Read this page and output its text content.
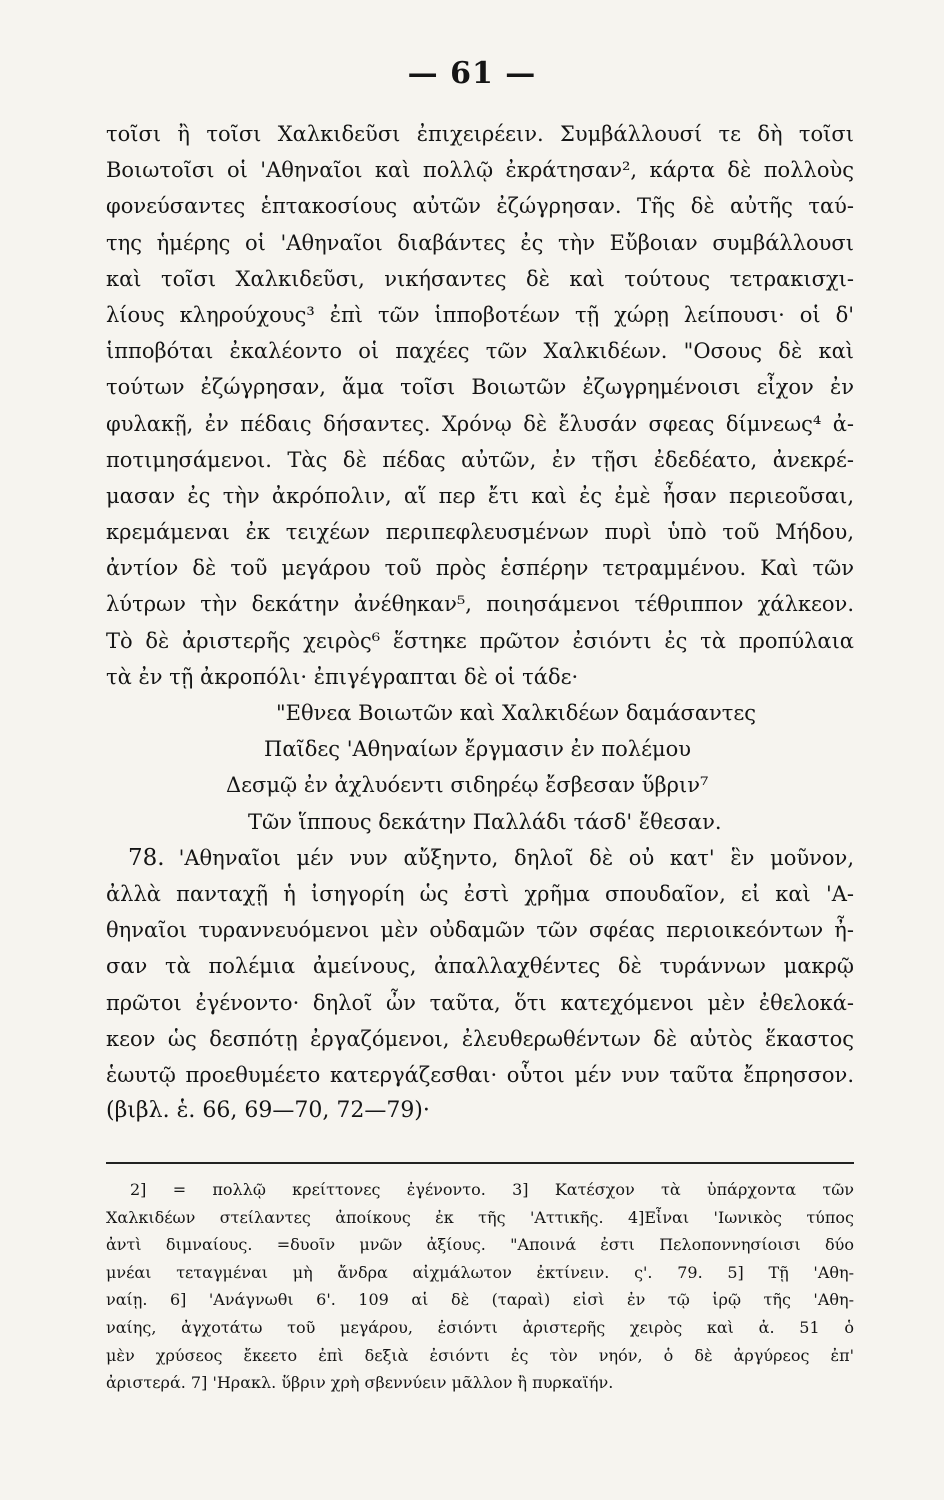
— 61 —
τοῖσι ἢ τοῖσι Χαλκιδεῦσι ἐπιχειρέειν. Συμβάλλουσί τε δὴ τοῖσι
Βοιωτοῖσι οἱ 'Αθηναῖοι καὶ πολλῷ ἐκράτησαν², κάρτα δὲ πολλοὺς
φονεύσαντες ἑπτακοσίους αὐτῶν ἐζώγρησαν. Τῆς δὲ αὐτῆς ταύ-
της ἡμέρης οἱ 'Αθηναῖοι διαβάντες ἐς τὴν Εὔβοιαν συμβάλλουσι
καὶ τοῖσι Χαλκιδεῦσι, νικήσαντες δὲ καὶ τούτους τετρακισχι-
λίους κληρούχους³ ἐπὶ τῶν ἱπποβοτέων τῇ χώρῃ λείπουσι· οἱ δ'
ἱπποβόται ἐκαλέοντο οἱ παχέες τῶν Χαλκιδέων. "Οσους δὲ καὶ
τούτων ἐζώγρησαν, ἅμα τοῖσι Βοιωτῶν ἐζωγρημένοισι εἶχον ἐν
φυλακῇ, ἐν πέδαις δήσαντες. Χρόνῳ δὲ ἔλυσάν σφεας δίμνεως⁴ ἀ-
ποτιμησάμενοι. Τὰς δὲ πέδας αὐτῶν, ἐν τῇσι ἐδεδέατο, ἀνεκρέ-
μασαν ἐς τὴν ἀκρόπολιν, αἵ περ ἔτι καὶ ἐς ἐμὲ ἦσαν περιεοῦσαι,
κρεμάμεναι ἐκ τειχέων περιπεφλευσμένων πυρὶ ὑπὸ τοῦ Μήδου,
ἀντίον δὲ τοῦ μεγάρου τοῦ πρὸς ἑσπέρην τετραμμένου. Καὶ τῶν
λύτρων τὴν δεκάτην ἀνέθηκαν⁵, ποιησάμενοι τέθριππον χάλκεον.
Τὸ δὲ ἀριστερῆς χειρὸς⁶ ἕστηκε πρῶτον ἐσιόντι ἐς τὰ προπύλαια
τὰ ἐν τῇ ἀκροπόλι· ἐπιγέγραπται δὲ οἱ τάδε·
"Εθνεα Βοιωτῶν καὶ Χαλκιδέων δαμάσαντες
Παῖδες 'Αθηναίων ἔργμασιν ἐν πολέμου
Δεσμῷ ἐν ἀχλυόεντι σιδηρέῳ ἔσβεσαν ὕβριν⁷
Τῶν ἵππους δεκάτην Παλλάδι τάσδ' ἔθεσαν.
78. 'Αθηναῖοι μέν νυν αὔξηντο, δηλοῖ δὲ οὐ κατ' ἓν μοῦνον,
ἀλλὰ πανταχῇ ἡ ἰσηγορίη ὡς ἐστὶ χρῆμα σπουδαῖον, εἰ καὶ 'Α-
θηναῖοι τυραννευόμενοι μὲν οὐδαμῶν τῶν σφέας περιοικεόντων ἦ-
σαν τὰ πολέμια ἀμείνους, ἀπαλλαχθέντες δὲ τυράννων μακρῷ
πρῶτοι ἐγένοντο· δηλοῖ ὦν ταῦτα, ὅτι κατεχόμενοι μὲν ἐθελοκά-
κεον ὡς δεσπότῃ ἐργαζόμενοι, ἐλευθερωθέντων δὲ αὐτὸς ἕκαστος
ἑωυτῷ προεθυμέετο κατεργάζεσθαι· οὗτοι μέν νυν ταῦτα ἔπρησσον.
(βιβλ. ἑ. 66, 69—70, 72—79)·
2] = πολλῷ κρείττονες ἐγένοντο. 3] Κατέσχον τὰ ὑπάρχοντα τῶν
Χαλκιδέων στείλαντες ἀποίκους ἐκ τῆς 'Αττικῆς. 4]Εἶναι 'Ιωνικὸς τύπος
ἀντὶ διμναίους. =δυοῖν μνῶν ἀξίους. "Αποινά ἐστι Πελοποννησίοισι δύο
μνέαι τεταγμέναι μὴ ἄνδρα αἰχμάλωτον ἐκτίνειν. ς'. 79. 5] Τῇ 'Αθη-
ναίῃ. 6] 'Ανάγνωθι 6'. 109 αἱ δὲ (ταραὶ) εἰσὶ ἐν τῷ ἱρῷ τῆς 'Αθη-
ναίης, ἀγχοτάτω τοῦ μεγάρου, ἐσιόντι ἀριστερῆς χειρὸς καὶ ἀ. 51 ὁ
μὲν χρύσεος ἔκεετο ἐπὶ δεξιὰ ἐσιόντι ἐς τὸν νηόν, ὁ δὲ ἀργύρεος ἐπ'
ἀριστερά. 7] 'Ηρακλ. ὕβριν χρὴ σβεννύειν μᾶλλον ἢ πυρκαϊήν.
